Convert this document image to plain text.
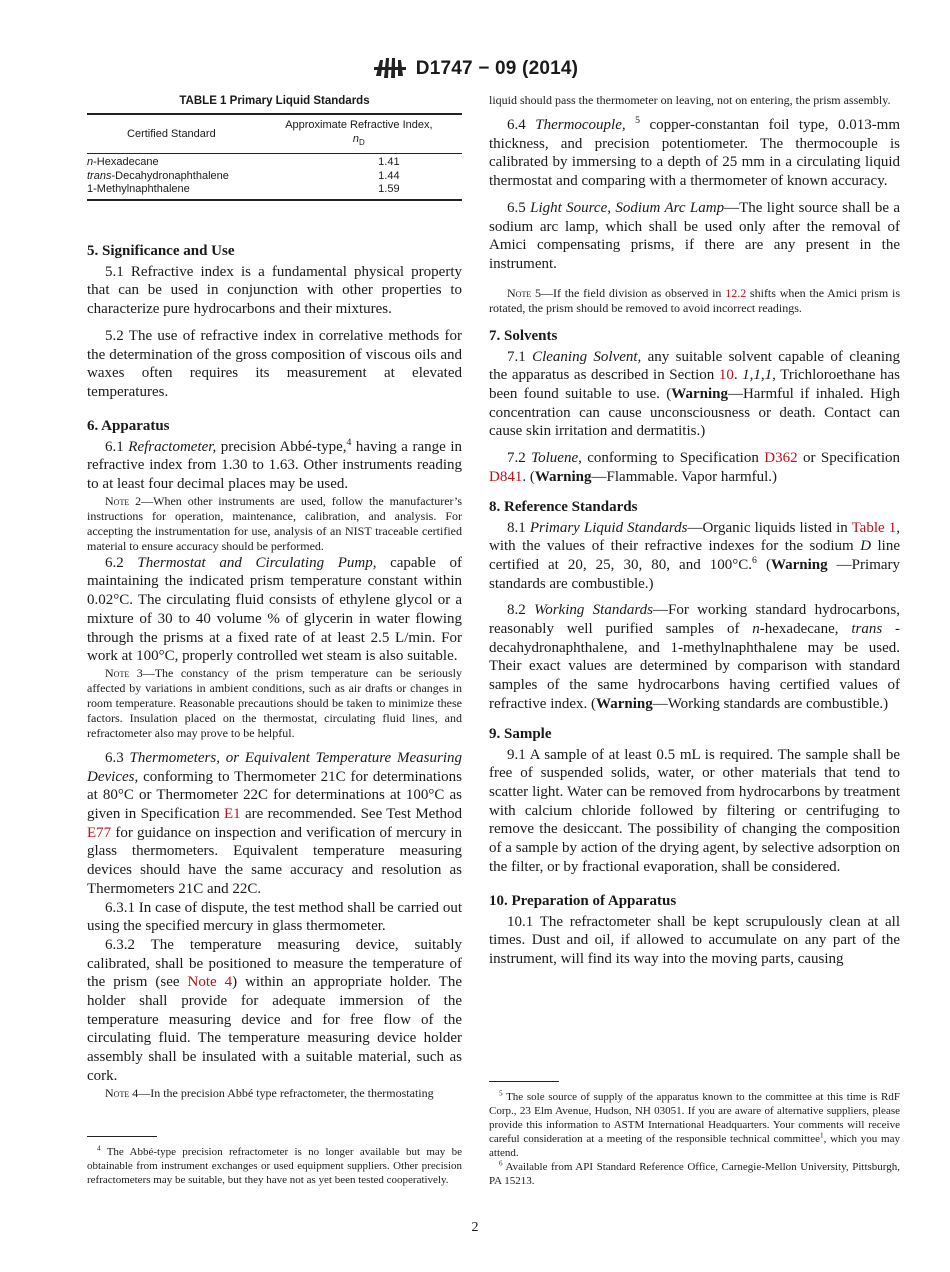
D1747 − 09 (2014)
TABLE 1 Primary Liquid Standards
Certified Standard	Approximate Refractive Index,
$n_D$
n-Hexadecane	1.41
trans-Decahydronaphthalene	1.44
1-Methylnaphthalene	1.59
5. Significance and Use

5.1 Refractive index is a fundamental physical property that can be used in conjunction with other properties to characterize pure hydrocarbons and their mixtures.

5.2 The use of refractive index in correlative methods for the determination of the gross composition of viscous oils and waxes often requires its measurement at elevated temperatures.

6. Apparatus

6.1 Refractometer, precision Abbé-type,$^4$ having a range in refractive index from 1.30 to 1.63. Other instruments reading to at least four decimal places may be used.

Note 2—When other instruments are used, follow the manufacturer’s instructions for operation, maintenance, calibration, and analysis. For accepting the instrumentation for use, analysis of an NIST traceable certified material to ensure accuracy should be performed.

6.2 Thermostat and Circulating Pump, capable of maintaining the indicated prism temperature constant within 0.02°C. The circulating fluid consists of ethylene glycol or a mixture of 30 to 40 volume % of glycerin in water flowing through the prisms at a fixed rate of at least 2.5 L/min. For work at 100°C, properly controlled wet steam is also suitable.

Note 3—The constancy of the prism temperature can be seriously affected by variations in ambient conditions, such as air drafts or changes in room temperature. Reasonable precautions should be taken to minimize these factors. Insulation placed on the thermostat, circulating fluid lines, and refractometer also may prove to be helpful.

6.3 Thermometers, or Equivalent Temperature Measuring Devices, conforming to Thermometer 21C for determinations at 80°C or Thermometer 22C for determinations at 100°C as given in Specification E1 are recommended. See Test Method E77 for guidance on inspection and verification of mercury in glass thermometers. Equivalent temperature measuring devices should have the same accuracy and resolution as Thermometers 21C and 22C.

6.3.1 In case of dispute, the test method shall be carried out using the specified mercury in glass thermometer.

6.3.2 The temperature measuring device, suitably calibrated, shall be positioned to measure the temperature of the prism (see Note 4) within an appropriate holder. The holder shall provide for adequate immersion of the temperature measuring device and for free flow of the circulating fluid. The temperature measuring device holder assembly shall be insulated with a suitable material, such as cork.

Note 4—In the precision Abbé type refractometer, the thermostating

$^4$ The Abbé-type precision refractometer is no longer available but may be obtainable from instrument exchanges or used equipment suppliers. Other precision refractometers may be suitable, but they have not as yet been tested cooperatively.

liquid should pass the thermometer on leaving, not on entering, the prism assembly.

6.4 Thermocouple, $^5$ copper-constantan foil type, 0.013-mm thickness, and precision potentiometer. The thermocouple is calibrated by immersing to a depth of 25 mm in a circulating liquid thermostat and comparing with a thermometer of known accuracy.

6.5 Light Source, Sodium Arc Lamp—The light source shall be a sodium arc lamp, which shall be used only after the removal of Amici compensating prisms, if there are any present in the instrument.

Note 5—If the field division as observed in 12.2 shifts when the Amici prism is rotated, the prism should be removed to avoid incorrect readings.

7. Solvents

7.1 Cleaning Solvent, any suitable solvent capable of cleaning the apparatus as described in Section 10. 1,1,1, Trichloroethane has been found suitable to use. (Warning—Harmful if inhaled. High concentration can cause unconsciousness or death. Contact can cause skin irritation and dermatitis.)

7.2 Toluene, conforming to Specification D362 or Specification D841. (Warning—Flammable. Vapor harmful.)

8. Reference Standards

8.1 Primary Liquid Standards—Organic liquids listed in Table 1, with the values of their refractive indexes for the sodium D line certified at 20, 25, 30, 80, and 100°C.$^6$ (Warning —Primary standards are combustible.)

8.2 Working Standards—For working standard hydrocarbons, reasonably well purified samples of n-hexadecane, trans -decahydronaphthalene, and 1-methylnaphthalene may be used. Their exact values are determined by comparison with standard samples of the same hydrocarbons having certified values of refractive index. (Warning—Working standards are combustible.)

9. Sample

9.1 A sample of at least 0.5 mL is required. The sample shall be free of suspended solids, water, or other materials that tend to scatter light. Water can be removed from hydrocarbons by treatment with calcium chloride followed by filtering or centrifuging to remove the desiccant. The possibility of changing the composition of a sample by action of the drying agent, by selective adsorption on the filter, or by fractional evaporation, shall be considered.

10. Preparation of Apparatus

10.1 The refractometer shall be kept scrupulously clean at all times. Dust and oil, if allowed to accumulate on any part of the instrument, will find its way into the moving parts, causing

$^5$ The sole source of supply of the apparatus known to the committee at this time is RdF Corp., 23 Elm Avenue, Hudson, NH 03051. If you are aware of alternative suppliers, please provide this information to ASTM International Headquarters. Your comments will receive careful consideration at a meeting of the responsible technical committee$^1$, which you may attend.

$^6$ Available from API Standard Reference Office, Carnegie-Mellon University, Pittsburgh, PA 15213.

2
